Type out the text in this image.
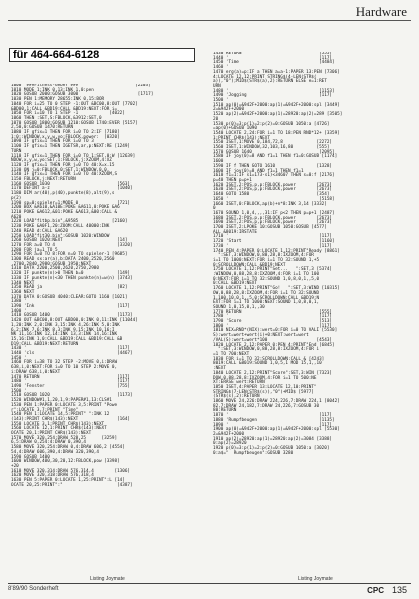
Hardware
für 464-664-6128
1000 '###Fitness-Geber ###                      [2203]
1010 MODE 1:INK 0,13:INK 1,0:pen
1020 GOSUB 2000:GOSUB 3000                       [1717]
1030 PEN 1:MEMORY 28655:INK 0,15:BOR
1040 FOR i=25 TO 0 STEP -1:OUT &BC00,8:OUT [7702]
&BD00,1:CALL &BD19:CALL &BD19:NEXT:FOR i=
1050 FOR i=10 TO 1 STEP -1            [4022]
1060 THEN :SET,S:FBLOCK,&3912:SET,0
1070 GOSUB 1800:GOSUB 1210:GOSUB 1740:EVER [5157]
2,50,0:GOSUB 1470:RETURN
1080 IF gfix=1 THEN FOR i=0 TO 2:IF [7180]
1:0::WINDOW,x,y,w,yo:FBLOCK,power:  [0320]
1090 IF gfix=1 THEN FOR i=0 TO 3
1100 IF gfix=1 THEN IGETSR,ar,p:NEXT:RE [1249]
TURN
1110 IF gfix=1 THEN FOR i=0 TO 1:SET,0:W [12639]
NDOW,x,y,w,yo:SET,1:FBLOCK,j:XZOOM,4:XZ
1120 IF gfix=1 THEN FOR j=0 TO 40:X=x.15
1130 ON j=0:FBLOCK,0:SET,1:WINDOW,0,0,
1140 IF gfix=1 THEN FOR i=0 TO 40:XZOOM,S
1150 FBLOCK,j:NEXT:RETURN
1160 GOSUB 1030                          [563]
1170 DEFINT a-z                          [1040]
1180 DIM ar(40),p(40),punkte(8),alt(9),s
p(2)
1190 sp=0:spieler=1:MODE 0               [721]
1200 BOX &A610,&A10E:POKE &A611,0:POKE &A6
1210 POKE &A612,&01:POKE &A613,&00:CALL &
A620
1220 LOAD"fitbp.bin",&9585             [2160]
1230 POKE &A0F1,20:ZOOM:CALL 40000:INK
1240 READ d:CALL &A620
1250 LOAD"fit30.bin":GOSUB 1020:WINDOW
1260 GOSUB 1020:NEXT                     [14]
1270 FOR a=0 TO 4                        [3320]
1280 FOR ja=1 TO 5
1290 FOR a=0 TO 8:FOR n=0 TO spieler-1 [9685]
1300 READ sx:ar(a),b:DATA 2400,2520,2560
,2700,2840,2980:GOSUB 1950:NEXT
1310 DATA 2200,2500,2620,2750,2980
1320 IF punkte(n)>0 THEN b=0             [149]
1330 IF punkte(n)<30 THEN punkte(n)=w(n) [3743]
1340 NEXT
1350 READ ja                             [82]
1360 NEXT
1370 DATA 0:GOSUB 4040:CLEAR:GOTO 1160 [1021]
1380 '
1390 'Ink                                [117]
1400 '
1410 GOSUB 1400                          [1173]
1420 OUT &BC00,8:OUT &BD00,0:INK 0,11:INK [11044]
1,20:INK 2,0:INK 3,15:INK 4,26:INK 5,0:INK
6,2:INK 7,6:INK 8,3:INK 9,15:INK 10,16:I
NK 11,16:INK 12,14:INK 13,3:INK 14,16:INK
15,16:INK 1,0:CALL &BD19:CALL &BD19:CALL &B
D19:CALL &BD19:NEXT:RETURN
1430 '                                   [117]
1440 'cls                                [4467]
1450 '
1460 FOR i=38 TO 32 STEP -2:MOVE 0,i:DRAW
638,i,0:NEXT:FOR i=0 TO 10 STEP 2:MOVE 0,
i:DRAW 638,i,0:NEXT
1470 RETURN                              [117]
1480 '                                   [117]
1490 'Fenster                            [755]
1500 '
1510 GOSUB 1020                          [1173]
1520 WINDOW#1,1,20,1,9:PAPER#1,13:CLS#1
1530 PEN 1:PAPER 0:LOCATE 3,5:PRINT "Powe
r":LOCATE 3,7:PRINT "Time"
1540 PEN 1:LOCATE 14,5:PRINT" ":INK 12
(143):PRINT CHR$(143):NEXT               [164]
1550 LOCATE 3,1:PRINT CHR$(143):NEXT
1560 LOCATE 12,1:PRINT CHR$(143):NEXT
OCATE 20,1:PRINT CHR$(143):NEXT
1570 MOVE 320,254:DRAW 528,25      [3259]
6,5:DRAW 0,254:4:DRAW 0,390,4
1580 MOVE 320,254:DRAW 0,4:DRAW 606,2 [4554]
54,4:DRAW 606,390,4:DRAW 320,390,4
1590 GOSUB 1400
1600 WINDOW,400,30,20,12:FBLOCK,pow [3398]
+20
1610 MOVE 320,314:DRAW 576,314,4        [1306]
1620 MOVE 320,318:DRAW 576,318,4
1630 PEN 5:PAPER 0:LOCATE 1,25:PRINT":L [14]
OCATE 20,25:PRINT":"                     [4387]
1430 RETURN                              [555]
1440 '                                   [117]
1450 'Time                               [4484]
1460 '
1470 erg(a)=p:IF a THEN a=a-1:PAPER 13:PEN [7306]
4:LOCATE 12,12:PRINT STRING$(4-LEN(STR$(
a)),"0");MID$(STR$(a),2):RETURN ELSE e=1:RET
URN
1480 '                                   [1153]
1490 'Jogging                            [117]
1500 '
1510 ap(0)=&942F+2000:ap(1)=&942F+2000:spl [3449]
2=&942F+2000
1520 ap(2)=&942F+2000:ap(1)=28920:ap(2)=289 [3505]
20
1530 p(0)=3:p(1)=2:p(2)=0:GOSUB 1050:a [4726]
=ap(0)+GOSUB 1090
1540 LOCATE 2,24:FOR i=1 TO 18:PEN RND*12+ [3359]
1:PRINT CHR$(143):NEXT
1550 ISET,1:MOVE 0,184,72,8             [2272]
1560 ISET,1:WINDOW,32,103,16,80         [555]
1570 GOSUB 1640                          [2095]
1580 IF joy(0)=8 AND f1=1 THEN f1=0:GOSUB [1174]
1600
1590 IF f THEN GOTO 1610                [1328]
1600 IF joy(0)=8 AND f1=1 THEN f1=1
1610 f1=1:IF s1=173-s1)<34607 THEN s=0:f [2176]
p=40 THEN p=p+1
1620 ISET,2:POS,p,p:FBLOCK,power        [2673]
1630 ISET,2:POS,p,p:FBLOCK,power        [2673]
1640 GOTO 1580                          [354]
1650 '                                   [5158]
1660 ISET,0:FBLOCK,ap(b)+n*8:INK 3,14 [3332]
0
1670 SOUND 1,0,4,,,,31:IF p<2 THEN p=p+1 [2487]
1680 ISET,2:POS,p,p:FBLOCK,power        [2673]
1690 ISET,2:POS,p,p:FBLOCK,power        [2673]
1700 ISET,2:LPOKE 10:GOSUB 1050:GOSUB [4577]
ALL &8019:IRSTATE
1710 '                                   [117]
1720 'Start                              [1160]
1730 '                                   [117]
1740 PEN 4:PAPER 0:LOCATE 1,12:PRINT"Ready [8861]
":SET,3:WINDOW,0,88,28,8:IXZOOM,4:FOR
i=1 TO 1000:NEXT:FOR i=1 TO 32:SOUND 1,+5
0:SCROLLDOWN:CALL &BD19:NEXT
1750 LOCATE 1,12:PRINT"Set...   ":SET,3 [5374]
:WINDOW,0,88,28,8:IXZOOM,4:FOR i=1 TO 100
0:NEXT:FOR i=1 TO 32:SOUND 1,0,8,0,1,,5,0
0:CALL &BD19:NEXT
1760 LOCATE 1,12:PRINT"Go!   ":SET,3:WIND [10315]
OW,0,88,28,8:IXZOOM,4:FOR i=1 TO 32:SOUND
1,100,10,0,1,,5,0:SCROLLDOWN:CALL &BD19:N
EXT:FOR i=1 TO 1000:NEXT:SOUND 1,0,8,0,1,
SOUND 1,0,15,0,1,,30
1770 RETURN                              [555]
1780 '                                   [117]
1790 'Score                              [513]
1800 '                                   [117]
1810 NIX=RND*(NIX):wert=0:FOR i=0 TO VALI [5530]
S):wert=wert+wert(i)+0:NEXT:wert=wert
/VAL(S):wert=wert*100                   [4543]
1820 LOCATE 2,12:PAPER 0:PEN 4:PRINT"End [6845]
":SET,3:WINDOW,0,88,28,8:IXZOOM,4:FOR i
=1 TO 700:NEXT
1830 FOR i=1 TO 32:SCROLLDOWN:CALL & [4243]
8019:CALL &8019:SOUND 1,0,5,1 MOD 15,1,,10
:NEXT
1840 LOCATE 2,12:PRINT"Score":SET,3:WIN [7323]
DOW,0,88,28,8:IXZOOM,4:FOR i=1 TO 500:NE
XT:ERASE wert:RETURN
1850 ISET,4:PAPER 13:LOCATE 12,10:PRINT"
STRING$(7-LEN(STR$(s)),"0")+MID$ [5977]
(STR$(s),2):RETURN
1860 MOVE 24,226:DRAW 224,226,7:DRAW 224,1 [8042]
82,7:DRAW 24,182,7:DRAW 24,226,7:GOSUB 30
80:RETURN
1870 '                                   [117]
1880 'Rumpfbeugen                        [1135]
1890 '                                   [117]
1900 ap(0)=&942F+2000:ap(1)=&942F+2000:spl [5530]
2=&942F+2000
1910 ap(2)=28920:ap(1)=28920:ap(2)=3084 [3388]
0:ap(2)=28920
1920 p(0)=3:p(1)=2:p(2)=0:GOSUB 1050:a [3020]
0:a$="  Rumpfbeugen":GOSUB 3280
Listing Joymate	Listing Joymate
8'89/90 Sonderheft	CPC 135
